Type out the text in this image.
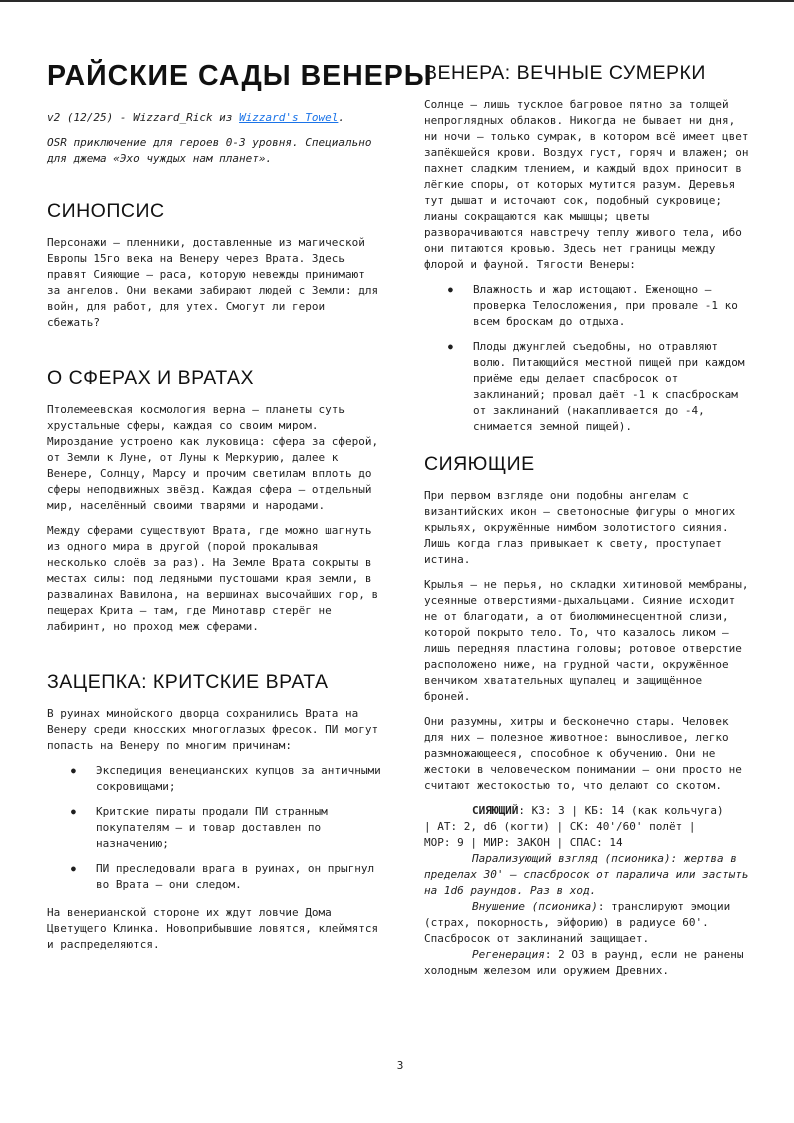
РАЙСКИЕ САДЫ ВЕНЕРЫ

v2 (12/25) - Wizzard_Rick из Wizzard's Towel.

OSR приключение для героев 0-3 уровня. Специально для джема «Эхо чуждых нам планет».

СИНОПСИС

Персонажи – пленники, доставленные из магической Европы 15го века на Венеру через Врата. Здесь правят Сияющие – раса, которую невежды принимают за ангелов. Они веками забирают людей с Земли: для войн, для работ, для утех. Смогут ли герои сбежать?

О СФЕРАХ И ВРАТАХ

Птолемеевская космология верна – планеты суть хрустальные сферы, каждая со своим миром. Мироздание устроено как луковица: сфера за сферой, от Земли к Луне, от Луны к Меркурию, далее к Венере, Солнцу, Марсу и прочим светилам вплоть до сферы неподвижных звёзд. Каждая сфера – отдельный мир, населённый своими тварями и народами.

Между сферами существуют Врата, где можно шагнуть из одного мира в другой (порой прокалывая несколько слоёв за раз). На Земле Врата сокрыты в местах силы: под ледяными пустошами края земли, в развалинах Вавилона, на вершинах высочайших гор, в пещерах Крита – там, где Минотавр стерёг не лабиринт, но проход меж сферами.

ЗАЦЕПКА: КРИТСКИЕ ВРАТА

В руинах минойского дворца сохранились Врата на Венеру среди кносских многоглазых фресок. ПИ могут попасть на Венеру по многим причинам:

● Экспедиция венецианских купцов за античными сокровищами;
● Критские пираты продали ПИ странным покупателям – и товар доставлен по назначению;
● ПИ преследовали врага в руинах, он прыгнул во Врата – они следом.

На венерианской стороне их ждут ловчие Дома Цветущего Клинка. Новоприбывшие ловятся, клеймятся и распределяются.

ВЕНЕРА: ВЕЧНЫЕ СУМЕРКИ

Солнце – лишь тусклое багровое пятно за толщей непроглядных облаков. Никогда не бывает ни дня, ни ночи – только сумрак, в котором всё имеет цвет запёкшейся крови. Воздух густ, горяч и влажен; он пахнет сладким тлением, и каждый вдох приносит в лёгкие споры, от которых мутится разум. Деревья тут дышат и источают сок, подобный сукровице; лианы сокращаются как мышцы; цветы разворачиваются навстречу теплу живого тела, ибо они питаются кровью. Здесь нет границы между флорой и фауной. Тягости Венеры:

● Влажность и жар истощают. Еженощно – проверка Телосложения, при провале -1 ко всем броскам до отдыха.
● Плоды джунглей съедобны, но отравляют волю. Питающийся местной пищей при каждом приёме еды делает спасбросок от заклинаний; провал даёт -1 к спасброскам от заклинаний (накапливается до -4, снимается земной пищей).
СИЯЮЩИЕ

При первом взгляде они подобны ангелам с византийских икон – светоносные фигуры о многих крыльях, окружённые нимбом золотистого сияния. Лишь когда глаз привыкает к свету, проступает истина.

Крылья – не перья, но складки хитиновой мембраны, усеянные отверстиями-дыхальцами. Сияние исходит не от благодати, а от биолюминесцентной слизи, которой покрыто тело. То, что казалось ликом – лишь передняя пластина головы; ротовое отверстие расположено ниже, на грудной части, окружённое венчиком хватательных щупалец и защищённое броней.

Они разумны, хитры и бесконечно стары. Человек для них – полезное животное: выносливое, легко размножающееся, способное к обучению. Они не жестоки в человеческом понимании – они просто не считают жестокостью то, что делают со скотом.

СИЯЮЩИЙ: КЗ: 3 | КБ: 14 (как кольчуга)

| АТ: 2, d6 (когти) | СК: 40'/60' полёт |

МОР: 9 | МИР: ЗАКОН | СПАС: 14

Парализующий взгляд (псионика): жертва в пределах 30' – спасбросок от паралича или застыть на 1d6 раундов. Раз в ход.

Внушение (псионика): транслируют эмоции (страх, покорность, эйфорию) в радиусе 60'. Спасбросок от заклинаний защищает.

Регенерация: 2 ОЗ в раунд, если не ранены холодным железом или оружием Древних.

3
